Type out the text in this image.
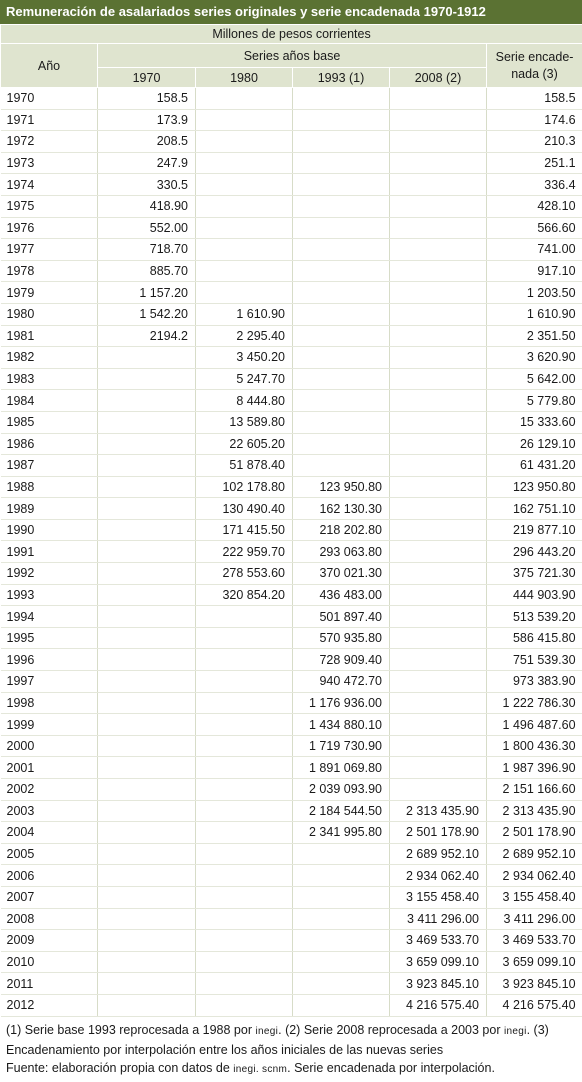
Remuneración de asalariados series originales y serie encadenada 1970-1912
Millones de pesos corrientes					
Año	Series años base				Serie encade-
nada (3)
	1970	1980	1993 (1)	2008 (2)	
1970	158.5				158.5
1971	173.9				174.6
1972	208.5				210.3
1973	247.9				251.1
1974	330.5				336.4
1975	418.90				428.10
1976	552.00				566.60
1977	718.70				741.00
1978	885.70				917.10
1979	1 157.20				1 203.50
1980	1 542.20	1 610.90			1 610.90
1981	2194.2	2 295.40			2 351.50
1982		3 450.20			3 620.90
1983		5 247.70			5 642.00
1984		8 444.80			5 779.80
1985		13 589.80			15 333.60
1986		22 605.20			26 129.10
1987		51 878.40			61 431.20
1988		102 178.80	123 950.80		123 950.80
1989		130 490.40	162 130.30		162 751.10
1990		171 415.50	218 202.80		219 877.10
1991		222 959.70	293 063.80		296 443.20
1992		278 553.60	370 021.30		375 721.30
1993		320 854.20	436 483.00		444 903.90
1994			501 897.40		513 539.20
1995			570 935.80		586 415.80
1996			728 909.40		751 539.30
1997			940 472.70		973 383.90
1998			1 176 936.00		1 222 786.30
1999			1 434 880.10		1 496 487.60
2000			1 719 730.90		1 800 436.30
2001			1 891 069.80		1 987 396.90
2002			2 039 093.90		2 151 166.60
2003			2 184 544.50	2 313 435.90	2 313 435.90
2004			2 341 995.80	2 501 178.90	2 501 178.90
2005				2 689 952.10	2 689 952.10
2006				2 934 062.40	2 934 062.40
2007				3 155 458.40	3 155 458.40
2008				3 411 296.00	3 411 296.00
2009				3 469 533.70	3 469 533.70
2010				3 659 099.10	3 659 099.10
2011				3 923 845.10	3 923 845.10
2012				4 216 575.40	4 216 575.40
(1) Serie base 1993 reprocesada a 1988 por inegi. (2) Serie 2008 reprocesada a 2003 por inegi. (3)
Encadenamiento por interpolación entre los años iniciales de las nuevas series
Fuente: elaboración propia con datos de inegi. scnm. Serie encadenada por interpolación.
